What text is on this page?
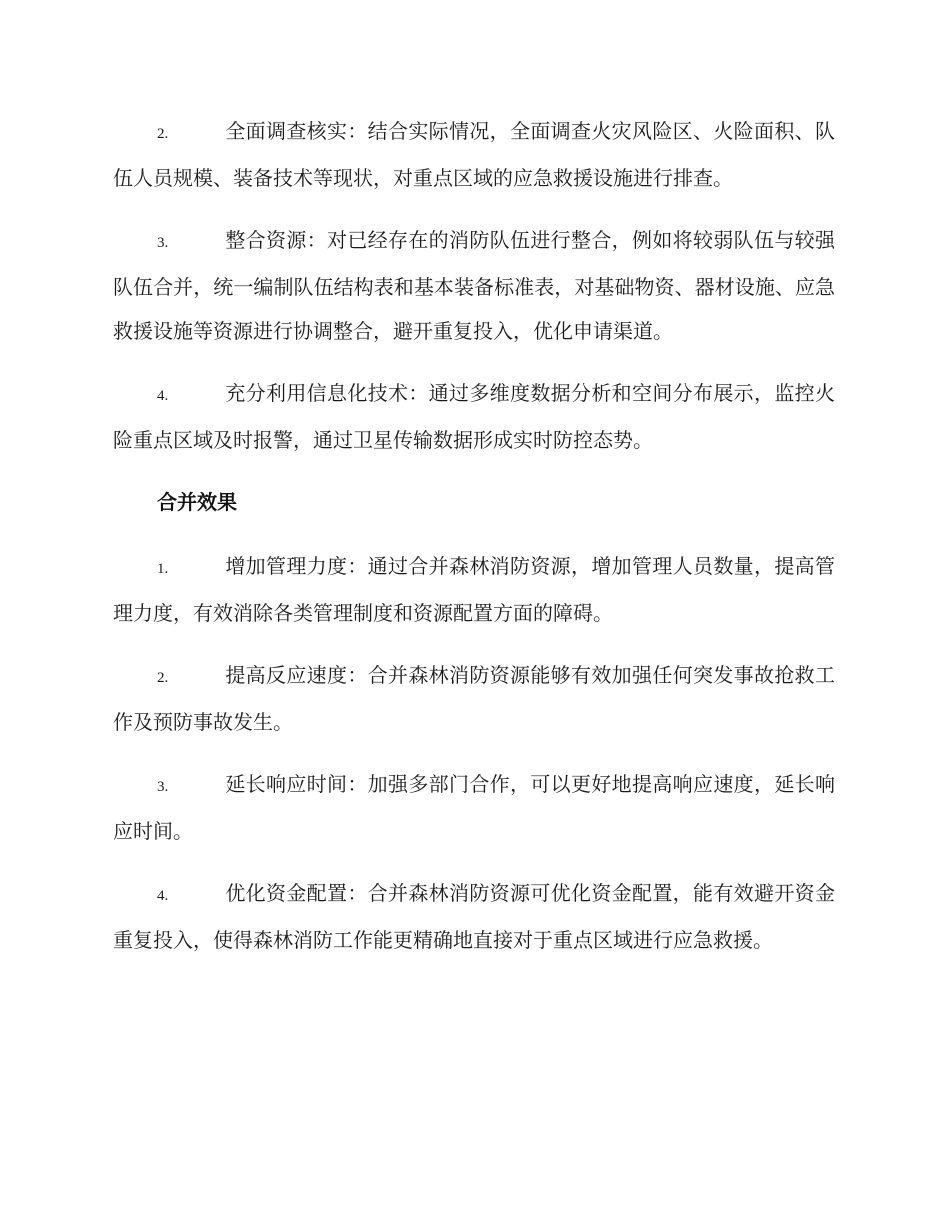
2.	全面调查核实：结合实际情况，全面调查火灾风险区、火险面积、队伍人员规模、装备技术等现状，对重点区域的应急救援设施进行排查。

3.	整合资源：对已经存在的消防队伍进行整合，例如将较弱队伍与较强队伍合并，统一编制队伍结构表和基本装备标准表，对基础物资、器材设施、应急救援设施等资源进行协调整合，避开重复投入，优化申请渠道。

4.	充分利用信息化技术：通过多维度数据分析和空间分布展示，监控火险重点区域及时报警，通过卫星传输数据形成实时防控态势。

合并效果

1.	增加管理力度：通过合并森林消防资源，增加管理人员数量，提高管理力度，有效消除各类管理制度和资源配置方面的障碍。

2.	提高反应速度：合并森林消防资源能够有效加强任何突发事故抢救工作及预防事故发生。

3.	延长响应时间：加强多部门合作，可以更好地提高响应速度，延长响应时间。

4.	优化资金配置：合并森林消防资源可优化资金配置，能有效避开资金重复投入，使得森林消防工作能更精确地直接对于重点区域进行应急救援。
